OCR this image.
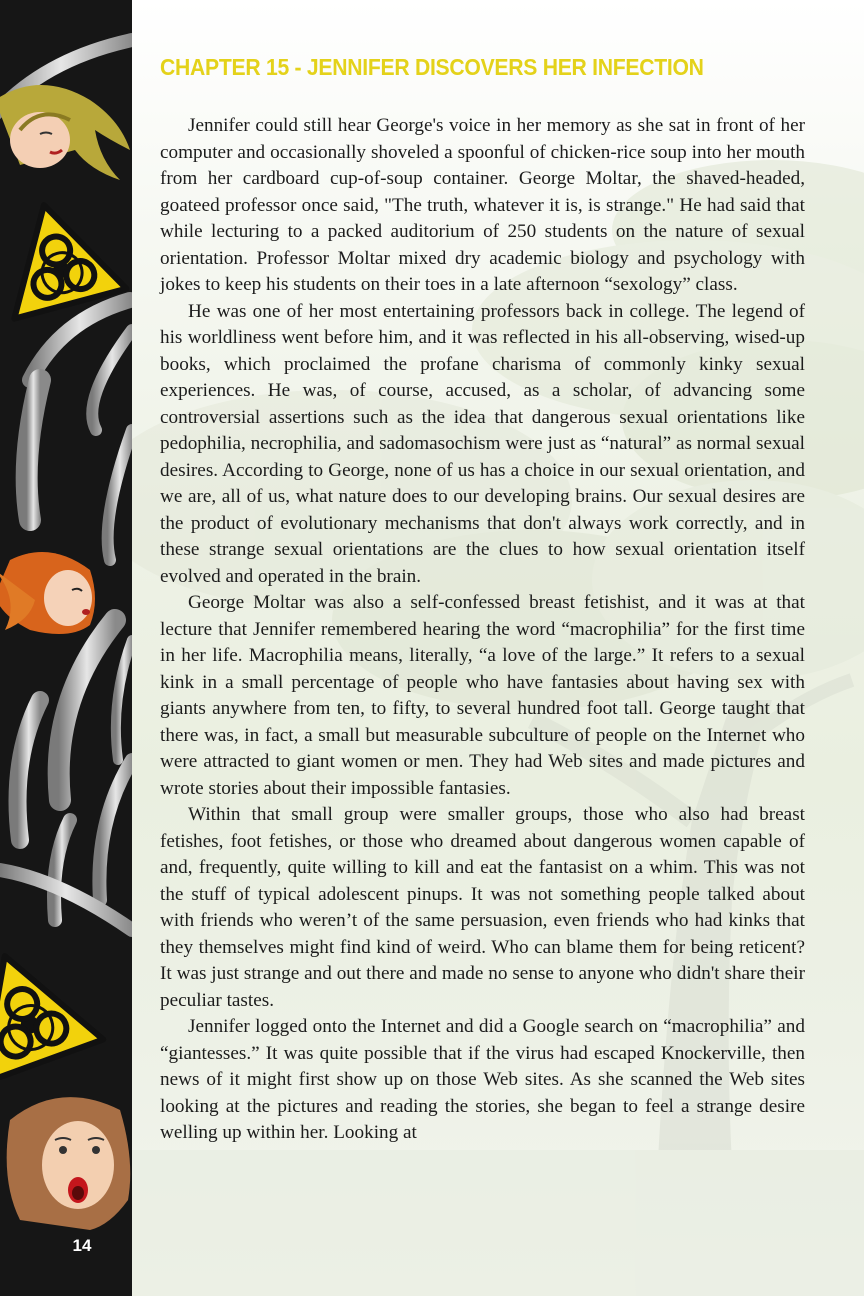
14
CHAPTER 15 - JENNIFER DISCOVERS HER INFECTION

Jennifer could still hear George's voice in her memory as she sat in front of her computer and occasionally shoveled a spoonful of chicken-rice soup into her mouth from her cardboard cup-of-soup container. George Moltar, the shaved-headed, goateed professor once said, "The truth, whatever it is, is strange." He had said that while lecturing to a packed auditorium of 250 students on the nature of sexual orientation. Professor Moltar mixed dry academic biology and psychology with jokes to keep his students on their toes in a late afternoon “sexology” class.

He was one of her most entertaining professors back in college. The legend of his worldliness went before him, and it was reflected in his all-observing, wised-up books, which proclaimed the profane charisma of commonly kinky sexual experiences. He was, of course, accused, as a scholar, of advancing some controversial assertions such as the idea that dangerous sexual orientations like pedophilia, necrophilia, and sadomasochism were just as “natural” as normal sexual desires. According to George, none of us has a choice in our sexual orientation, and we are, all of us, what nature does to our developing brains. Our sexual desires are the product of evolutionary mechanisms that don't always work correctly, and in these strange sexual orientations are the clues to how sexual orientation itself evolved and operated in the brain.

George Moltar was also a self-confessed breast fetishist, and it was at that lecture that Jennifer remembered hearing the word “macrophilia” for the first time in her life. Macrophilia means, literally, “a love of the large.” It refers to a sexual kink in a small percentage of people who have fantasies about having sex with giants anywhere from ten, to fifty, to several hundred foot tall. George taught that there was, in fact, a small but measurable subculture of people on the Internet who were attracted to giant women or men. They had Web sites and made pictures and wrote stories about their impossible fantasies.

Within that small group were smaller groups, those who also had breast fetishes, foot fetishes, or those who dreamed about dangerous women capable of and, frequently, quite willing to kill and eat the fantasist on a whim. This was not the stuff of typical adolescent pinups. It was not something people talked about with friends who weren’t of the same persuasion, even friends who had kinks that they themselves might find kind of weird. Who can blame them for being reticent? It was just strange and out there and made no sense to anyone who didn't share their peculiar tastes.

Jennifer logged onto the Internet and did a Google search on “macrophilia” and “giantesses.” It was quite possible that if the virus had escaped Knockerville, then news of it might first show up on those Web sites. As she scanned the Web sites looking at the pictures and reading the stories, she began to feel a strange desire welling up within her. Looking at
